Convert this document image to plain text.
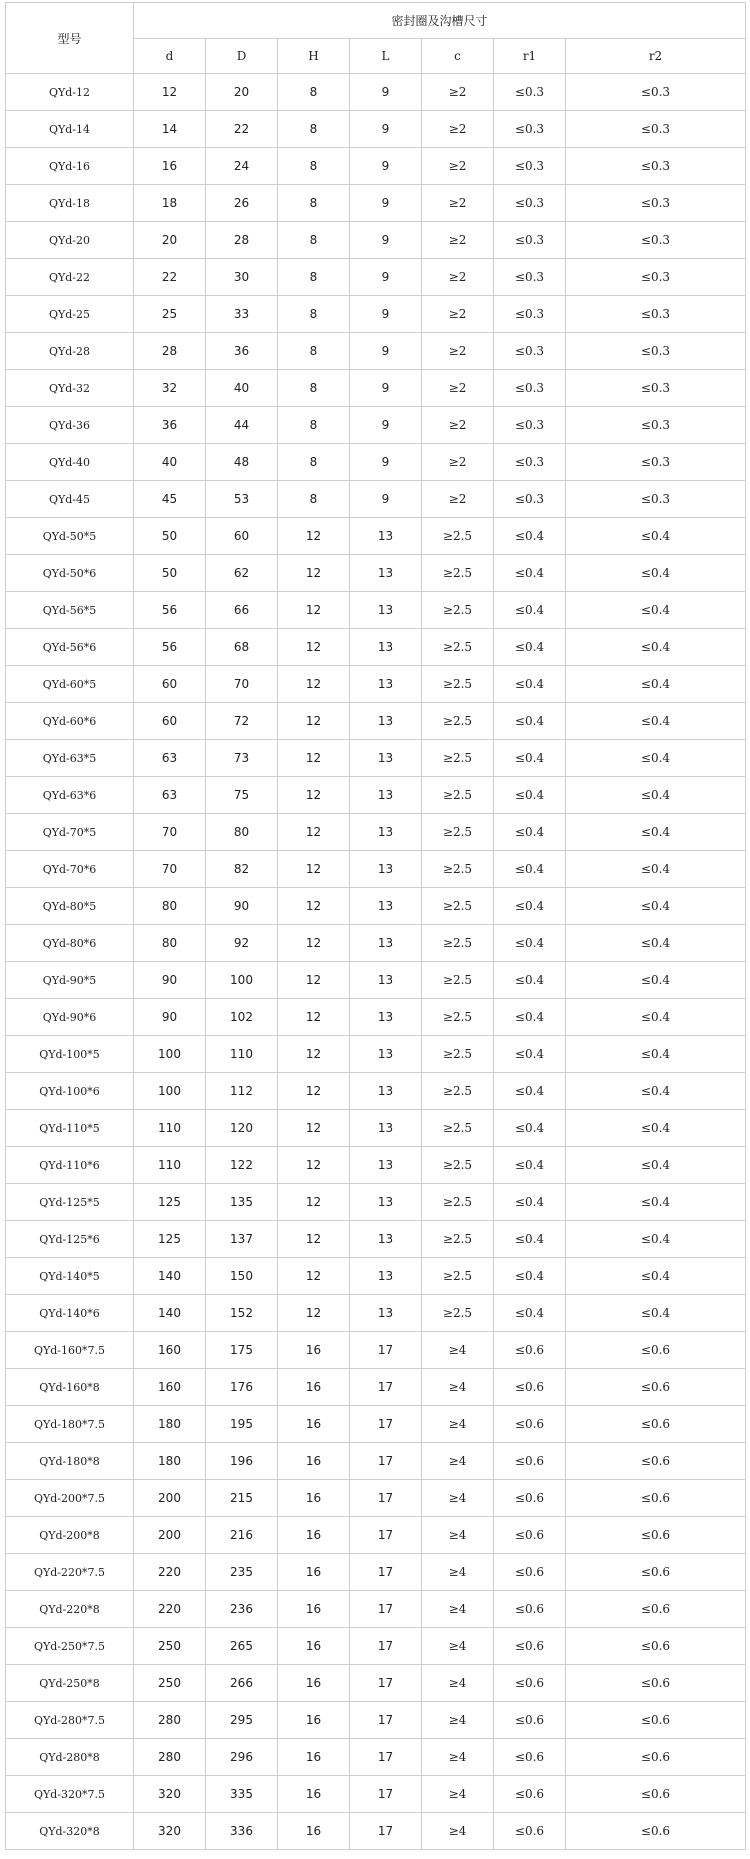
型号	密封圈及沟槽尺寸						
	d	D	H	L	c	r1	r2
QYd-12	12	20	8	9	≥2	≤0.3	≤0.3
QYd-14	14	22	8	9	≥2	≤0.3	≤0.3
QYd-16	16	24	8	9	≥2	≤0.3	≤0.3
QYd-18	18	26	8	9	≥2	≤0.3	≤0.3
QYd-20	20	28	8	9	≥2	≤0.3	≤0.3
QYd-22	22	30	8	9	≥2	≤0.3	≤0.3
QYd-25	25	33	8	9	≥2	≤0.3	≤0.3
QYd-28	28	36	8	9	≥2	≤0.3	≤0.3
QYd-32	32	40	8	9	≥2	≤0.3	≤0.3
QYd-36	36	44	8	9	≥2	≤0.3	≤0.3
QYd-40	40	48	8	9	≥2	≤0.3	≤0.3
QYd-45	45	53	8	9	≥2	≤0.3	≤0.3
QYd-50*5	50	60	12	13	≥2.5	≤0.4	≤0.4
QYd-50*6	50	62	12	13	≥2.5	≤0.4	≤0.4
QYd-56*5	56	66	12	13	≥2.5	≤0.4	≤0.4
QYd-56*6	56	68	12	13	≥2.5	≤0.4	≤0.4
QYd-60*5	60	70	12	13	≥2.5	≤0.4	≤0.4
QYd-60*6	60	72	12	13	≥2.5	≤0.4	≤0.4
QYd-63*5	63	73	12	13	≥2.5	≤0.4	≤0.4
QYd-63*6	63	75	12	13	≥2.5	≤0.4	≤0.4
QYd-70*5	70	80	12	13	≥2.5	≤0.4	≤0.4
QYd-70*6	70	82	12	13	≥2.5	≤0.4	≤0.4
QYd-80*5	80	90	12	13	≥2.5	≤0.4	≤0.4
QYd-80*6	80	92	12	13	≥2.5	≤0.4	≤0.4
QYd-90*5	90	100	12	13	≥2.5	≤0.4	≤0.4
QYd-90*6	90	102	12	13	≥2.5	≤0.4	≤0.4
QYd-100*5	100	110	12	13	≥2.5	≤0.4	≤0.4
QYd-100*6	100	112	12	13	≥2.5	≤0.4	≤0.4
QYd-110*5	110	120	12	13	≥2.5	≤0.4	≤0.4
QYd-110*6	110	122	12	13	≥2.5	≤0.4	≤0.4
QYd-125*5	125	135	12	13	≥2.5	≤0.4	≤0.4
QYd-125*6	125	137	12	13	≥2.5	≤0.4	≤0.4
QYd-140*5	140	150	12	13	≥2.5	≤0.4	≤0.4
QYd-140*6	140	152	12	13	≥2.5	≤0.4	≤0.4
QYd-160*7.5	160	175	16	17	≥4	≤0.6	≤0.6
QYd-160*8	160	176	16	17	≥4	≤0.6	≤0.6
QYd-180*7.5	180	195	16	17	≥4	≤0.6	≤0.6
QYd-180*8	180	196	16	17	≥4	≤0.6	≤0.6
QYd-200*7.5	200	215	16	17	≥4	≤0.6	≤0.6
QYd-200*8	200	216	16	17	≥4	≤0.6	≤0.6
QYd-220*7.5	220	235	16	17	≥4	≤0.6	≤0.6
QYd-220*8	220	236	16	17	≥4	≤0.6	≤0.6
QYd-250*7.5	250	265	16	17	≥4	≤0.6	≤0.6
QYd-250*8	250	266	16	17	≥4	≤0.6	≤0.6
QYd-280*7.5	280	295	16	17	≥4	≤0.6	≤0.6
QYd-280*8	280	296	16	17	≥4	≤0.6	≤0.6
QYd-320*7.5	320	335	16	17	≥4	≤0.6	≤0.6
QYd-320*8	320	336	16	17	≥4	≤0.6	≤0.6
